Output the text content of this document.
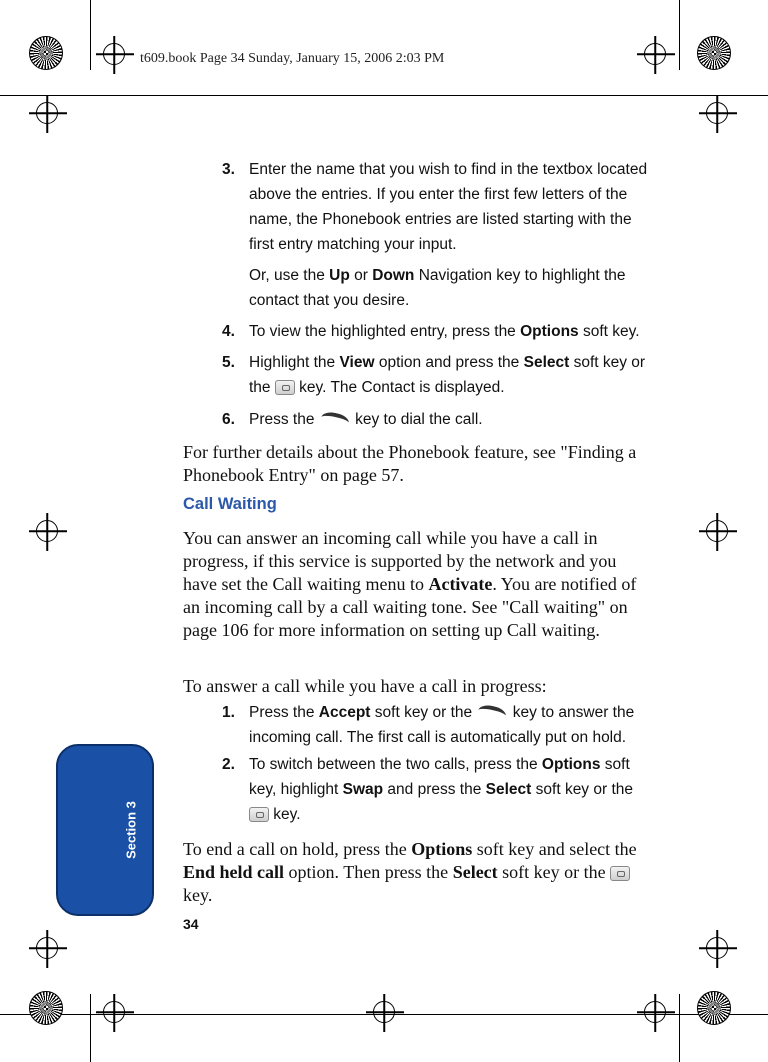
t609.book Page 34 Sunday, January 15, 2006 2:03 PM
Section 3
34
3. Enter the name that you wish to find in the textbox located above the entries. If you enter the first few letters of the name, the Phonebook entries are listed starting with the first entry matching your input.
Or, use the Up or Down Navigation key to highlight the contact that you desire.
4. To view the highlighted entry, press the Options soft key.
5. Highlight the View option and press the Select soft key or the  key. The Contact is displayed.
6. Press the  key to dial the call.
For further details about the Phonebook feature, see "Finding a Phonebook Entry" on page 57.
Call Waiting
You can answer an incoming call while you have a call in progress, if this service is supported by the network and you have set the Call waiting menu to Activate. You are notified of an incoming call by a call waiting tone. See "Call waiting" on page 106 for more information on setting up Call waiting.
To answer a call while you have a call in progress:
1. Press the Accept soft key or the  key to answer the incoming call. The first call is automatically put on hold.
2. To switch between the two calls, press the Options soft key, highlight Swap and press the Select soft key or the  key.
To end a call on hold, press the Options soft key and select the End held call option. Then press the Select soft key or the  key.
